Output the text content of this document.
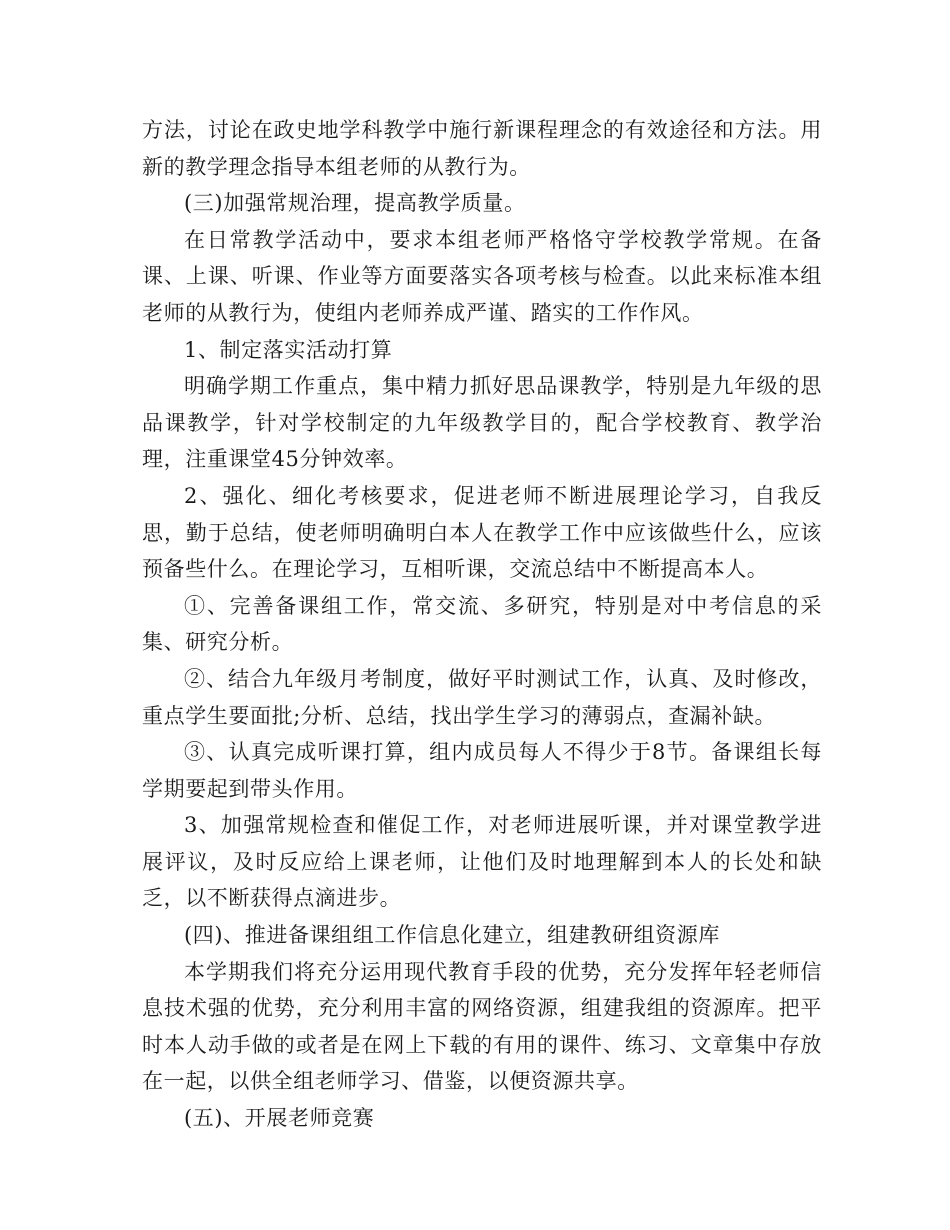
方法，讨论在政史地学科教学中施行新课程理念的有效途径和方法。用新的教学理念指导本组老师的从教行为。

(三)加强常规治理，提高教学质量。

在日常教学活动中，要求本组老师严格恪守学校教学常规。在备课、上课、听课、作业等方面要落实各项考核与检查。以此来标准本组老师的从教行为，使组内老师养成严谨、踏实的工作作风。

1、制定落实活动打算

明确学期工作重点，集中精力抓好思品课教学，特别是九年级的思品课教学，针对学校制定的九年级教学目的，配合学校教育、教学治理，注重课堂45分钟效率。

2、强化、细化考核要求，促进老师不断进展理论学习，自我反思，勤于总结，使老师明确明白本人在教学工作中应该做些什么，应该预备些什么。在理论学习，互相听课，交流总结中不断提高本人。

①、完善备课组工作，常交流、多研究，特别是对中考信息的采集、研究分析。

②、结合九年级月考制度，做好平时测试工作，认真、及时修改，重点学生要面批;分析、总结，找出学生学习的薄弱点，查漏补缺。

③、认真完成听课打算，组内成员每人不得少于8节。备课组长每学期要起到带头作用。

3、加强常规检查和催促工作，对老师进展听课，并对课堂教学进展评议，及时反应给上课老师，让他们及时地理解到本人的长处和缺乏，以不断获得点滴进步。

(四)、推进备课组组工作信息化建立，组建教研组资源库

本学期我们将充分运用现代教育手段的优势，充分发挥年轻老师信息技术强的优势，充分利用丰富的网络资源，组建我组的资源库。把平时本人动手做的或者是在网上下载的有用的课件、练习、文章集中存放在一起，以供全组老师学习、借鉴，以便资源共享。

(五)、开展老师竞赛
